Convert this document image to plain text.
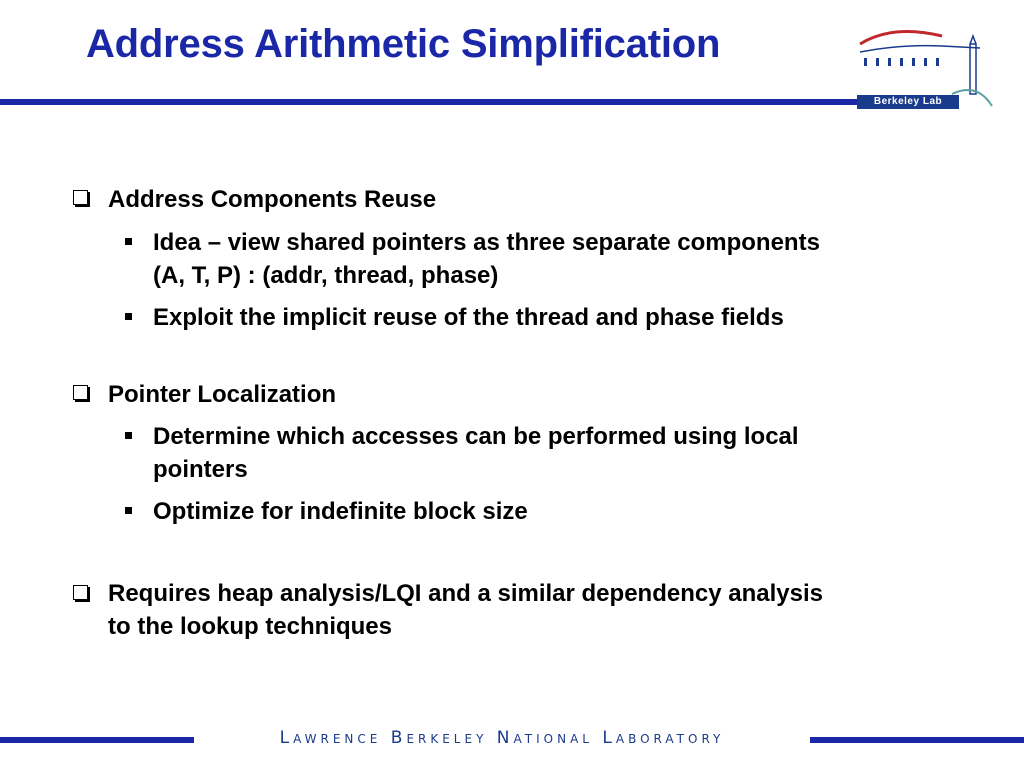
Address Arithmetic Simplification
Berkeley Lab
Address Components Reuse
Idea – view shared pointers as three separate components
(A, T, P) : (addr, thread, phase)
Exploit the implicit reuse of the thread and phase fields
Pointer Localization
Determine which accesses can be performed using local
pointers
Optimize for indefinite block size
Requires heap analysis/LQI and a similar dependency analysis
to the lookup techniques
Lawrence Berkeley National Laboratory
